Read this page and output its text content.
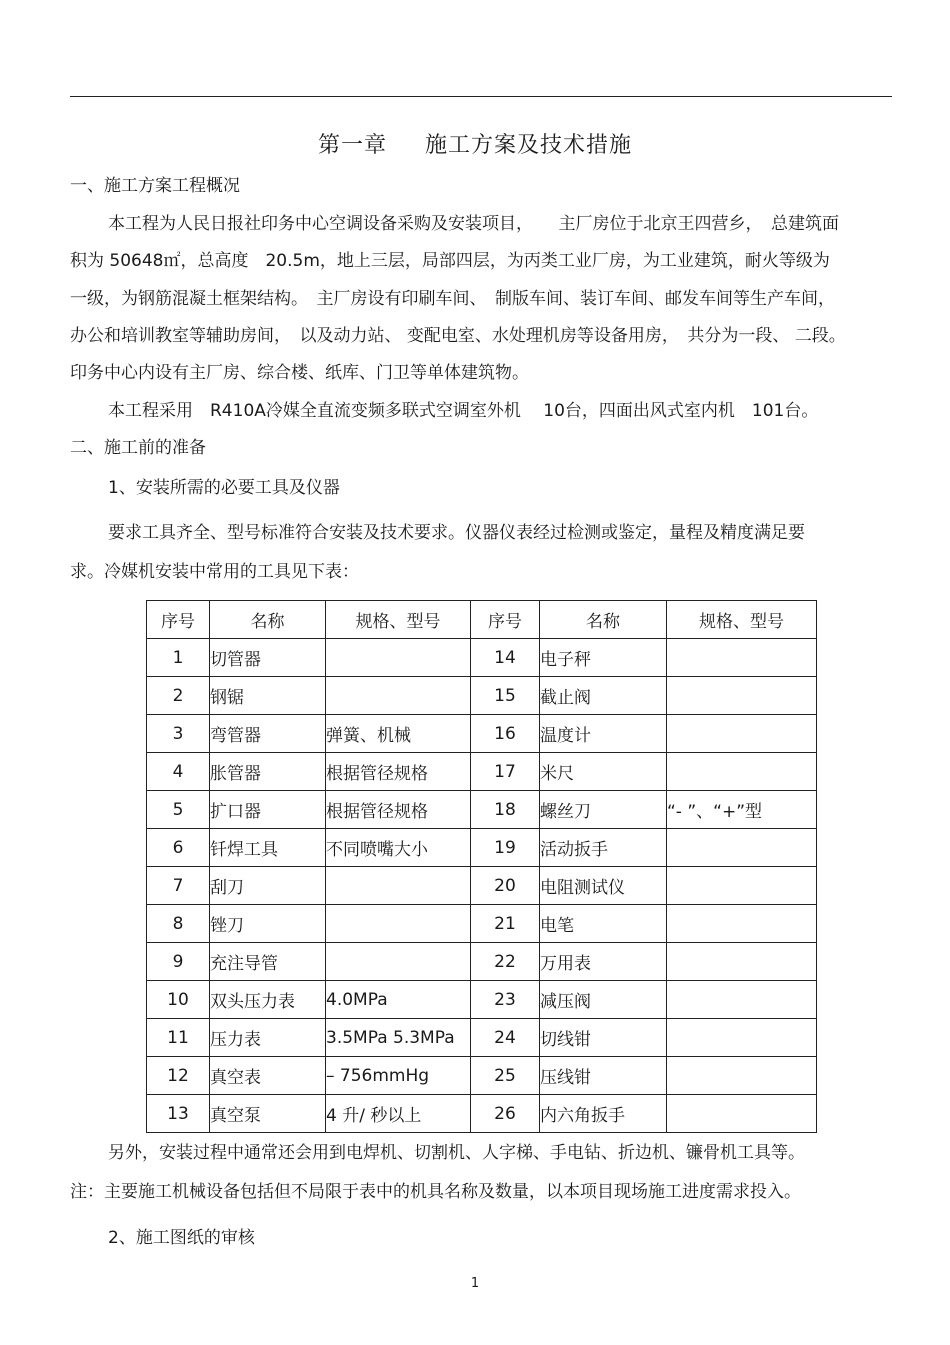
第一章 施工方案及技术措施
一、施工方案工程概况
本工程为人民日报社印务中心空调设备采购及安装项目，　　主厂房位于北京王四营乡，　总建筑面
积为 50648㎡，总高度　20.5m，地上三层，局部四层，为丙类工业厂房，为工业建筑，耐火等级为
一级，为钢筋混凝土框架结构。　主厂房设有印刷车间、　制版车间、装订车间、邮发车间等生产车间，
办公和培训教室等辅助房间，　以及动力站、 变配电室、水处理机房等设备用房，　共分为一段、 二段。
印务中心内设有主厂房、综合楼、纸库、门卫等单体建筑物。
本工程采用　R410A冷媒全直流变频多联式空调室外机　 10台，四面出风式室内机　101台。
二、施工前的准备
1、安装所需的必要工具及仪器
要求工具齐全、型号标准符合安装及技术要求。仪器仪表经过检测或鉴定，量程及精度满足要
求。冷媒机安装中常用的工具见下表：
序号	名称	规格、型号	序号	名称	规格、型号
1	切管器		14	电子秤	
2	钢锯		15	截止阀	
3	弯管器	弹簧、机械	16	温度计	
4	胀管器	根据管径规格	17	米尺	
5	扩口器	根据管径规格	18	螺丝刀	“- ”、“+”型
6	钎焊工具	不同喷嘴大小	19	活动扳手	
7	刮刀		20	电阻测试仪	
8	锉刀		21	电笔	
9	充注导管		22	万用表	
10	双头压力表	4.0MPa	23	减压阀	
11	压力表	3.5MPa 5.3MPa	24	切线钳	
12	真空表	– 756mmHg	25	压线钳	
13	真空泵	4 升/ 秒以上	26	内六角扳手	
另外，安装过程中通常还会用到电焊机、切割机、人字梯、手电钻、折边机、镰骨机工具等。
注：主要施工机械设备包括但不局限于表中的机具名称及数量，以本项目现场施工进度需求投入。
2、施工图纸的审核
1
